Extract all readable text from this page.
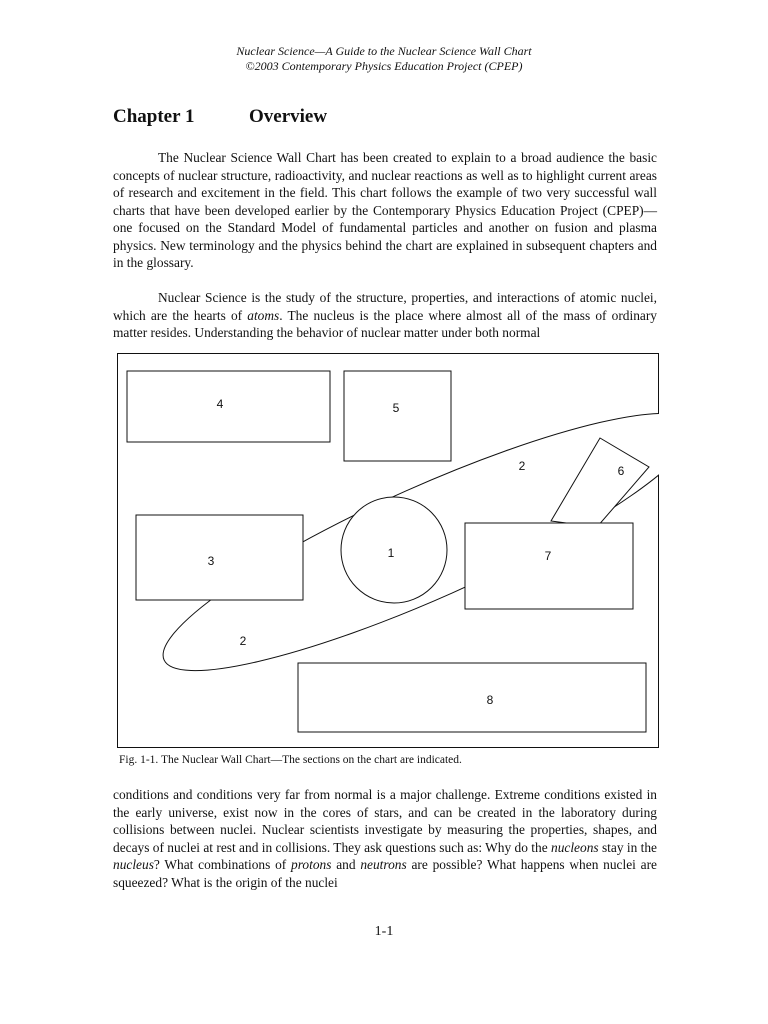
Nuclear Science—A Guide to the Nuclear Science Wall Chart
©2003 Contemporary Physics Education Project (CPEP)
Chapter 1	Overview

The Nuclear Science Wall Chart has been created to explain to a broad audience the basic concepts of nuclear structure, radioactivity, and nuclear reactions as well as to highlight current areas of research and excitement in the field. This chart follows the example of two very successful wall charts that have been developed earlier by the Contemporary Physics Education Project (CPEP)—one focused on the Standard Model of fundamental particles and another on fusion and plasma physics. New terminology and the physics behind the chart are explained in subsequent chapters and in the glossary.

Nuclear Science is the study of the structure, properties, and interactions of atomic nuclei, which are the hearts of atoms. The nucleus is the place where almost all of the mass of ordinary matter resides. Understanding the behavior of nuclear matter under both normal

4	5
2	6
1
3	7
2
8
Fig. 1-1. The Nuclear Wall Chart—The sections on the chart are indicated.

conditions and conditions very far from normal is a major challenge. Extreme conditions existed in the early universe, exist now in the cores of stars, and can be created in the laboratory during collisions between nuclei. Nuclear scientists investigate by measuring the properties, shapes, and decays of nuclei at rest and in collisions. They ask questions such as: Why do the nucleons stay in the nucleus? What combinations of protons and neutrons are possible? What happens when nuclei are squeezed? What is the origin of the nuclei

1-1
